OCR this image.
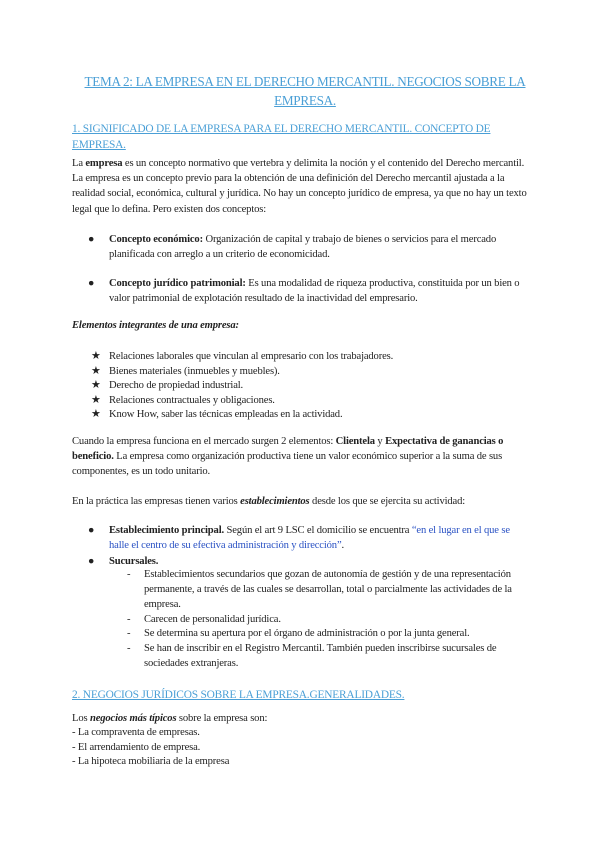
TEMA 2: LA EMPRESA EN EL DERECHO MERCANTIL. NEGOCIOS SOBRE LA EMPRESA.
1. SIGNIFICADO DE LA EMPRESA PARA EL DERECHO MERCANTIL. CONCEPTO DE EMPRESA.
La empresa es un concepto normativo que vertebra y delimita la noción y el contenido del Derecho mercantil. La empresa es un concepto previo para la obtención de una definición del Derecho mercantil ajustada a la realidad social, económica, cultural y jurídica. No hay un concepto jurídico de empresa, ya que no hay un texto legal que lo defina. Pero existen dos conceptos:
●	Concepto económico: Organización de capital y trabajo de bienes o servicios para el mercado planificada con arreglo a un criterio de economicidad.
●	Concepto jurídico patrimonial: Es una modalidad de riqueza productiva, constituida por un bien o valor patrimonial de explotación resultado de la inactividad del empresario.
Elementos integrantes de una empresa:
★ Relaciones laborales que vinculan al empresario con los trabajadores.
★ Bienes materiales (inmuebles y muebles).
★ Derecho de propiedad industrial.
★ Relaciones contractuales y obligaciones.
★ Know How, saber las técnicas empleadas en la actividad.
Cuando la empresa funciona en el mercado surgen 2 elementos: Clientela y Expectativa de ganancias o beneficio. La empresa como organización productiva tiene un valor económico superior a la suma de sus componentes, es un todo unitario.
En la práctica las empresas tienen varios establecimientos desde los que se ejercita su actividad:
●	Establecimiento principal. Según el art 9 LSC el domicilio se encuentra “en el lugar en el que se halle el centro de su efectiva administración y dirección”.
●	Sucursales.
- Establecimientos secundarios que gozan de autonomía de gestión y de una representación permanente, a través de las cuales se desarrollan, total o parcialmente las actividades de la empresa.
- Carecen de personalidad jurídica.
- Se determina su apertura por el órgano de administración o por la junta general.
- Se han de inscribir en el Registro Mercantil. También pueden inscribirse sucursales de sociedades extranjeras.
2. NEGOCIOS JURÍDICOS SOBRE LA EMPRESA.GENERALIDADES.
Los negocios más típicos sobre la empresa son:
- La compraventa de empresas.
- El arrendamiento de empresa.
- La hipoteca mobiliaria de la empresa
